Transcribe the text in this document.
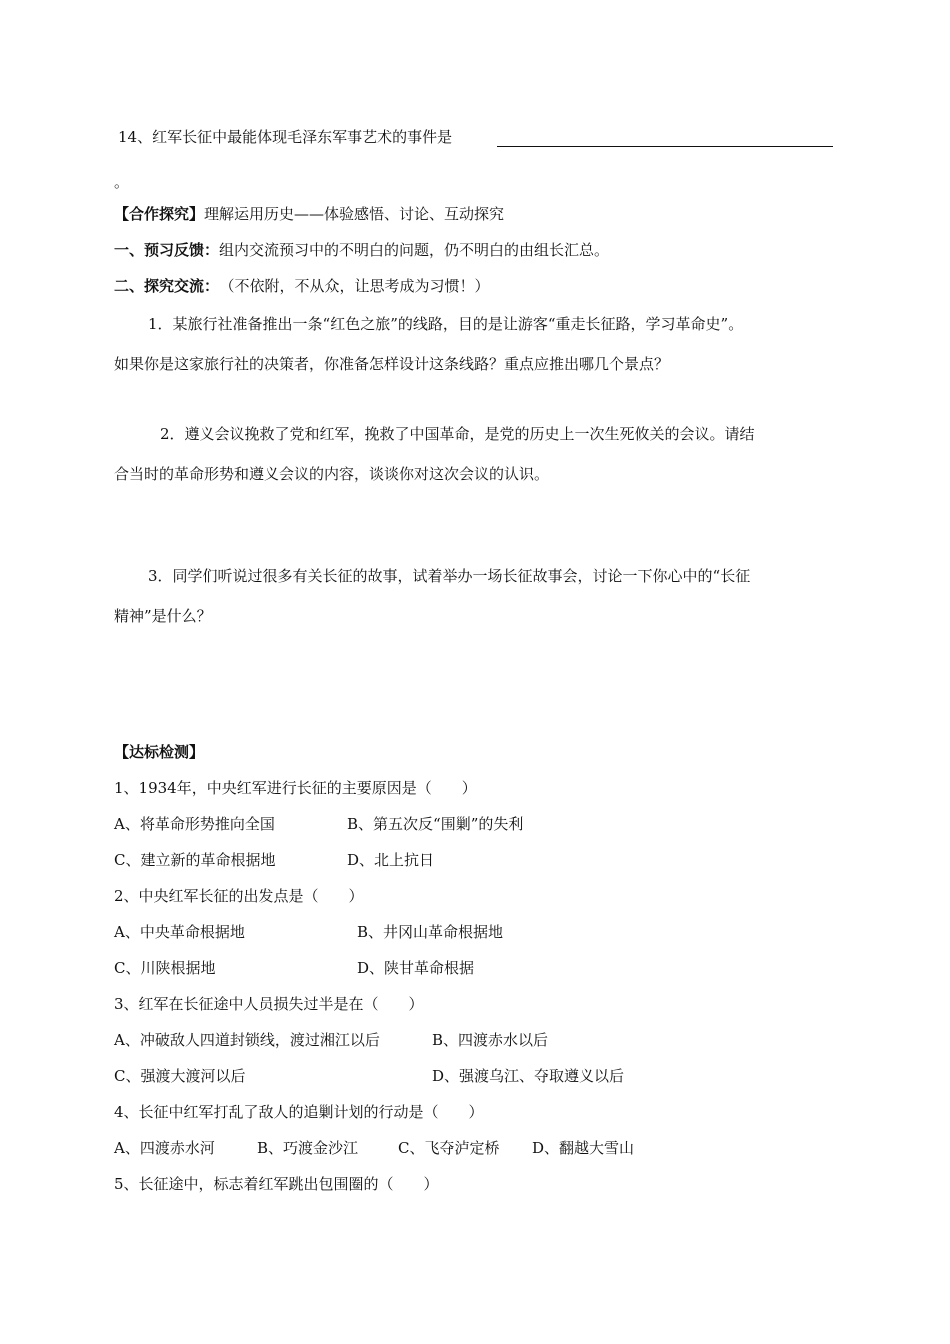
14、红军长征中最能体现毛泽东军事艺术的事件是
。
【合作探究】理解运用历史——体验感悟、讨论、互动探究
一、预习反馈：组内交流预习中的不明白的问题，仍不明白的由组长汇总。
二、探究交流： （不依附，不从众，让思考成为习惯！）
1．某旅行社准备推出一条“红色之旅”的线路，目的是让游客“重走长征路，学习革命史”。
如果你是这家旅行社的决策者，你准备怎样设计这条线路？重点应推出哪几个景点？
2．遵义会议挽救了党和红军，挽救了中国革命，是党的历史上一次生死攸关的会议。请结
合当时的革命形势和遵义会议的内容，谈谈你对这次会议的认识。
3．同学们听说过很多有关长征的故事，试着举办一场长征故事会，讨论一下你心中的“长征
精神”是什么？
【达标检测】
1、1934年，中央红军进行长征的主要原因是（　　）
A、将革命形势推向全国	B、第五次反“围剿”的失利
C、建立新的革命根据地	D、北上抗日
2、中央红军长征的出发点是（　　）
A、中央革命根据地	B、井冈山革命根据地
C、川陕根据地	D、陕甘革命根据
3、红军在长征途中人员损失过半是在（　　）
A、冲破敌人四道封锁线，渡过湘江以后	B、四渡赤水以后
C、强渡大渡河以后	D、强渡乌江、夺取遵义以后
4、长征中红军打乱了敌人的追剿计划的行动是（　　）
A、四渡赤水河	B、巧渡金沙江	C、飞夺泸定桥 D、翻越大雪山
5、长征途中，标志着红军跳出包围圈的（　　）
